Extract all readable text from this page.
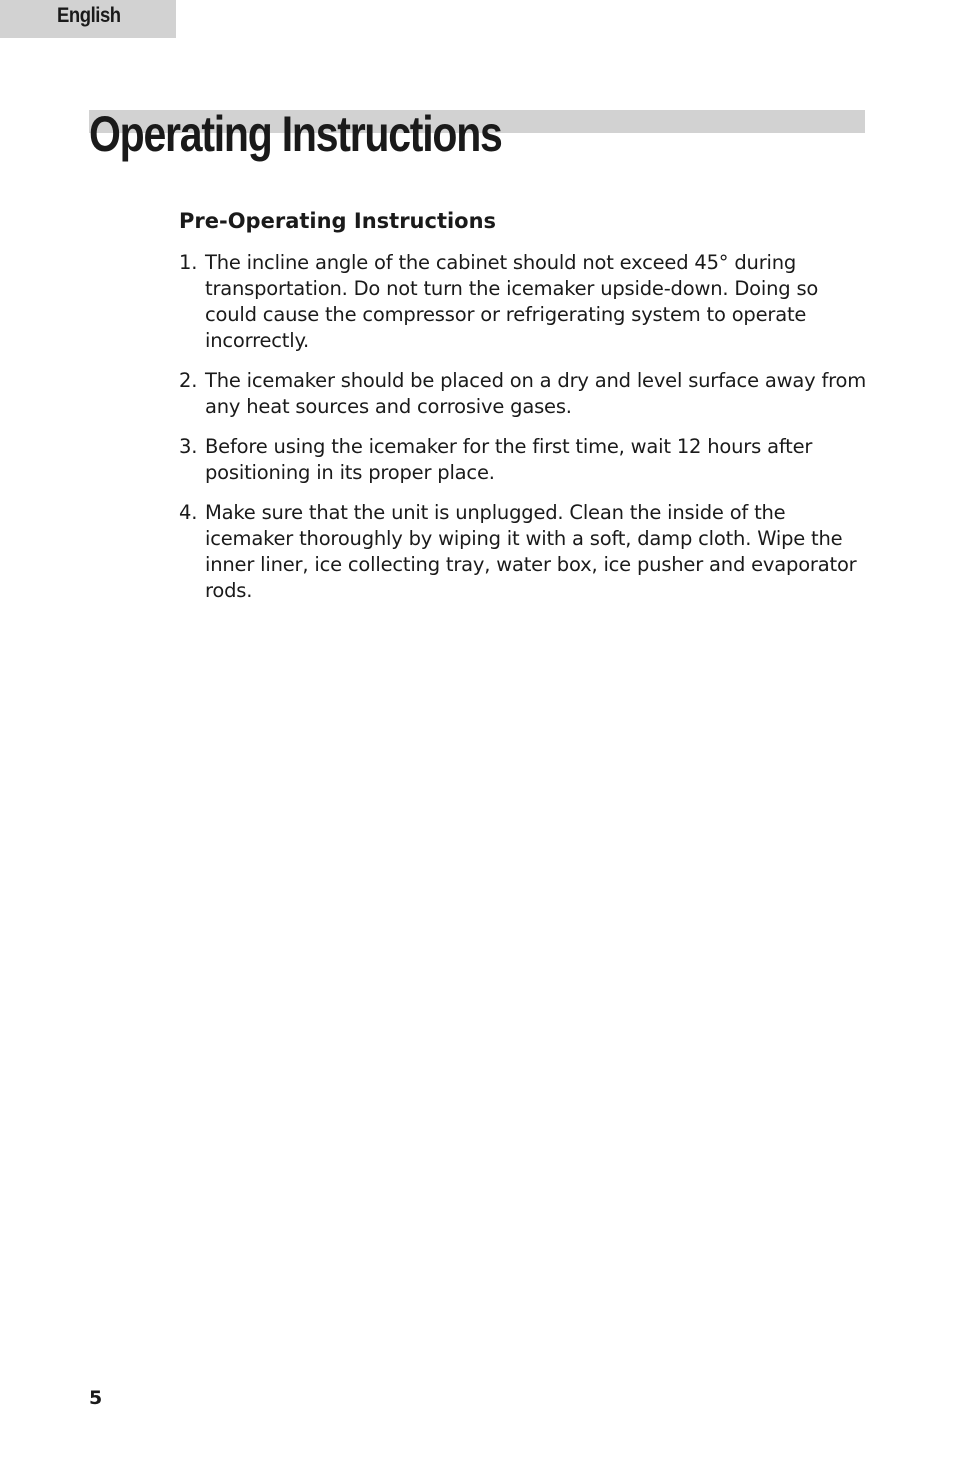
English
Operating Instructions
Pre-Operating Instructions
1. The incline angle of the cabinet should not exceed 45° during transportation. Do not turn the icemaker upside-down. Doing so could cause the compressor or refrigerating system to operate incorrectly.
2. The icemaker should be placed on a dry and level surface away from any heat sources and corrosive gases.
3. Before using the icemaker for the first time, wait 12 hours after positioning in its proper place.
4. Make sure that the unit is unplugged. Clean the inside of the icemaker thoroughly by wiping it with a soft, damp cloth. Wipe the inner liner, ice collecting tray, water box, ice pusher and evaporator rods.
5
